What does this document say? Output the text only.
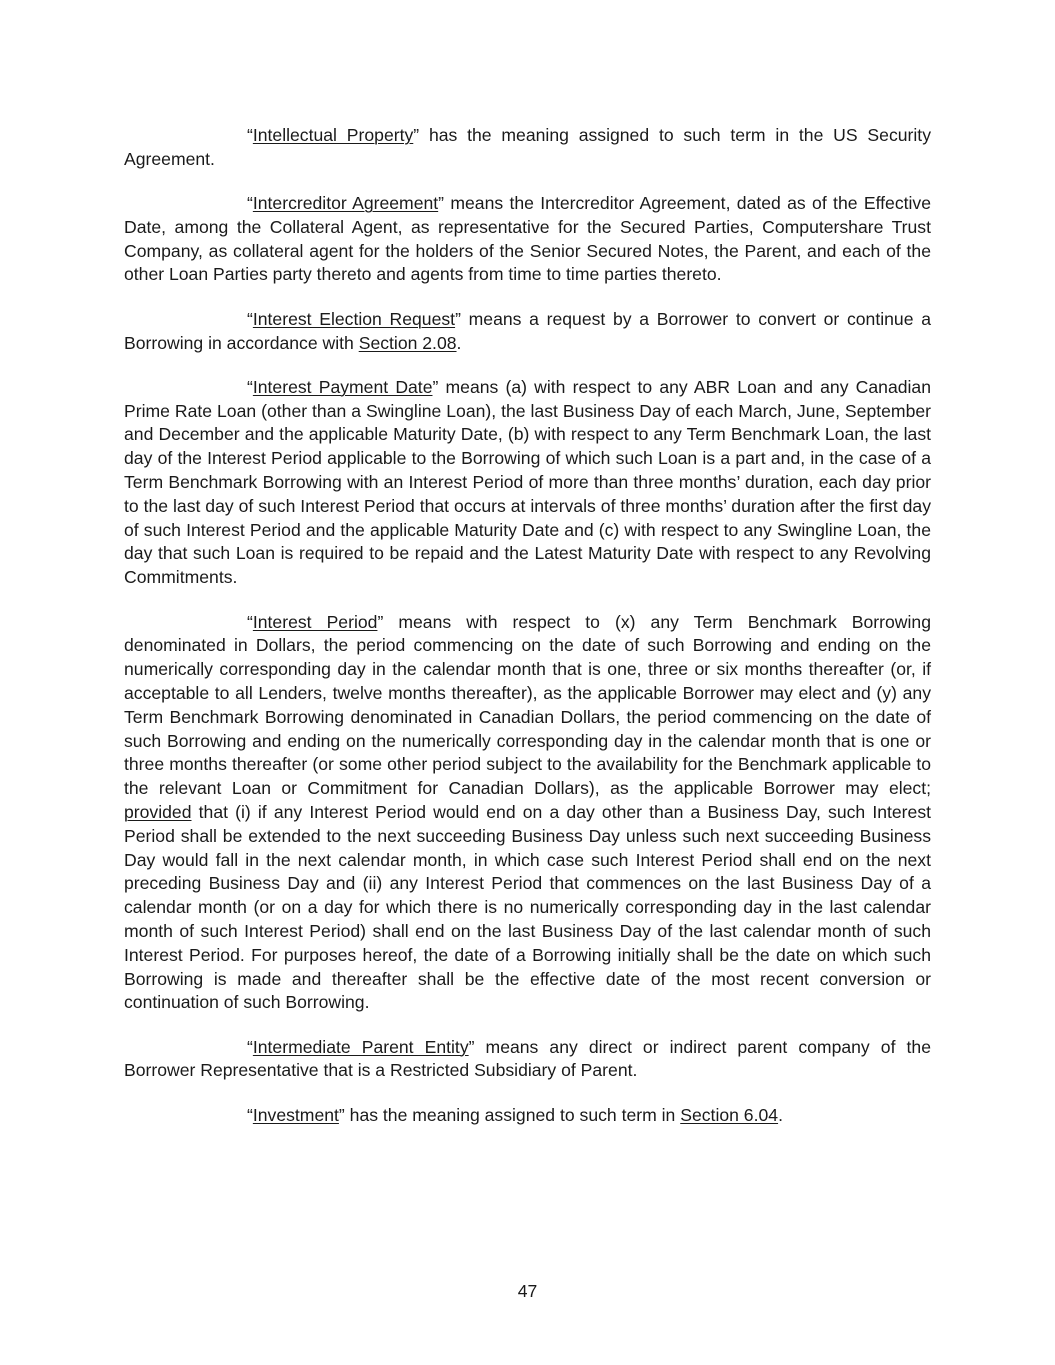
“Intellectual Property” has the meaning assigned to such term in the US Security Agreement.

“Intercreditor Agreement” means the Intercreditor Agreement, dated as of the Effective Date, among the Collateral Agent, as representative for the Secured Parties, Computershare Trust Company, as collateral agent for the holders of the Senior Secured Notes, the Parent, and each of the other Loan Parties party thereto and agents from time to time parties thereto.

“Interest Election Request” means a request by a Borrower to convert or continue a Borrowing in accordance with Section 2.08.

“Interest Payment Date” means (a) with respect to any ABR Loan and any Canadian Prime Rate Loan (other than a Swingline Loan), the last Business Day of each March, June, September and December and the applicable Maturity Date, (b) with respect to any Term Benchmark Loan, the last day of the Interest Period applicable to the Borrowing of which such Loan is a part and, in the case of a Term Benchmark Borrowing with an Interest Period of more than three months’ duration, each day prior to the last day of such Interest Period that occurs at intervals of three months’ duration after the first day of such Interest Period and the applicable Maturity Date and (c) with respect to any Swingline Loan, the day that such Loan is required to be repaid and the Latest Maturity Date with respect to any Revolving Commitments.

“Interest Period” means with respect to (x) any Term Benchmark Borrowing denominated in Dollars, the period commencing on the date of such Borrowing and ending on the numerically corresponding day in the calendar month that is one, three or six months thereafter (or, if acceptable to all Lenders, twelve months thereafter), as the applicable Borrower may elect and (y) any Term Benchmark Borrowing denominated in Canadian Dollars, the period commencing on the date of such Borrowing and ending on the numerically corresponding day in the calendar month that is one or three months thereafter (or some other period subject to the availability for the Benchmark applicable to the relevant Loan or Commitment for Canadian Dollars), as the applicable Borrower may elect; provided that (i) if any Interest Period would end on a day other than a Business Day, such Interest Period shall be extended to the next succeeding Business Day unless such next succeeding Business Day would fall in the next calendar month, in which case such Interest Period shall end on the next preceding Business Day and (ii) any Interest Period that commences on the last Business Day of a calendar month (or on a day for which there is no numerically corresponding day in the last calendar month of such Interest Period) shall end on the last Business Day of the last calendar month of such Interest Period. For purposes hereof, the date of a Borrowing initially shall be the date on which such Borrowing is made and thereafter shall be the effective date of the most recent conversion or continuation of such Borrowing.

“Intermediate Parent Entity” means any direct or indirect parent company of the Borrower Representative that is a Restricted Subsidiary of Parent.

“Investment” has the meaning assigned to such term in Section 6.04.

47
